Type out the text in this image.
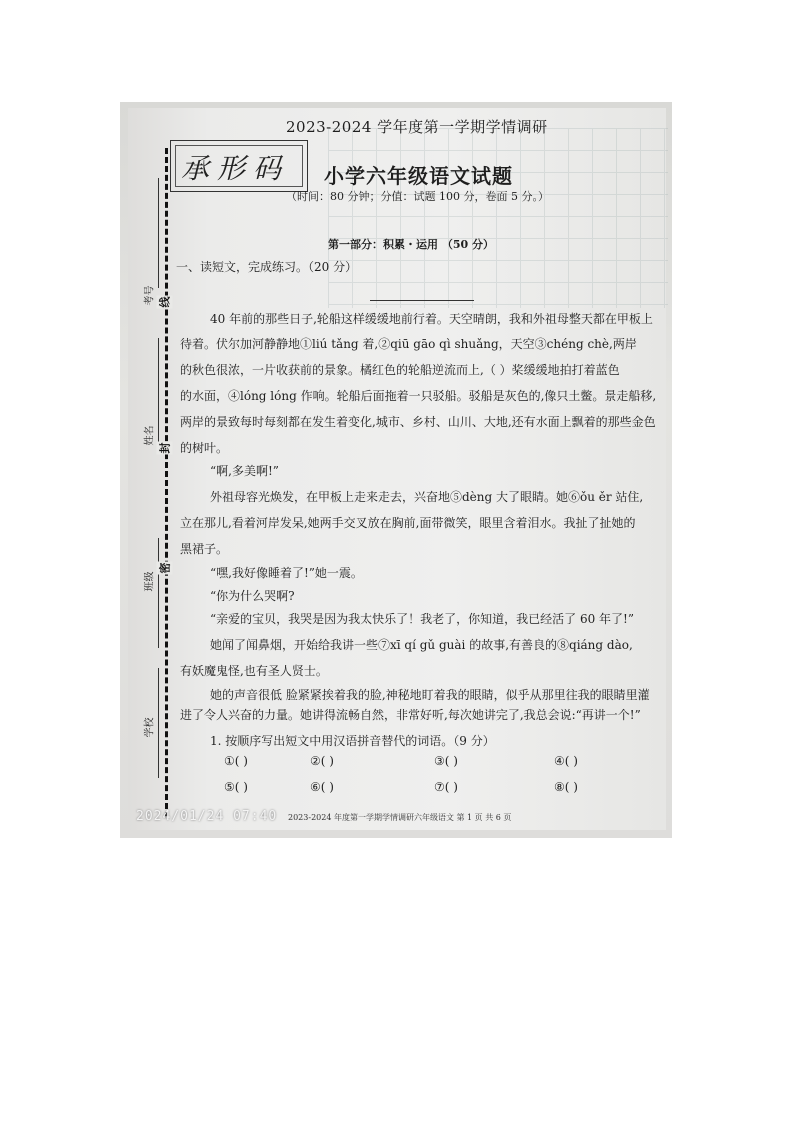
考号
姓名
班级
学校
线
封
密
承形码
2023-2024 学年度第一学期学情调研
小学六年级语文试题
（时间：80 分钟；分值：试题 100 分，卷面 5 分。）
第一部分：积累・运用 （50 分）
一、读短文，完成练习。（20 分）
40 年前的那些日子,轮船这样缓缓地前行着。天空晴朗，我和外祖母整天都在甲板上
待着。伏尔加河静静地①liú tǎng 着,②qiū gāo qì shuǎng，天空③chéng chè,两岸
的秋色很浓，一片收获前的景象。橘红色的轮船逆流而上,（ ）桨缓缓地拍打着蓝色
的水面，④lóng lóng 作响。轮船后面拖着一只驳船。驳船是灰色的,像只土鳖。景走船移,
两岸的景致每时每刻都在发生着变化,城市、乡村、山川、大地,还有水面上飘着的那些金色
的树叶。
“啊,多美啊!”
外祖母容光焕发，在甲板上走来走去，兴奋地⑤dèng 大了眼睛。她⑥ǒu ěr 站住,
立在那儿,看着河岸发呆,她两手交叉放在胸前,面带微笑，眼里含着泪水。我扯了扯她的
黑裙子。
“嘿,我好像睡着了!”她一震。
“你为什么哭啊?
“亲爱的宝贝，我哭是因为我太快乐了！我老了，你知道，我已经活了 60 年了!”
她闻了闻鼻烟，开始给我讲一些⑦xī qí gǔ guài 的故事,有善良的⑧qiáng dào,
有妖魔鬼怪,也有圣人贤士。
她的声音很低 脸紧紧挨着我的脸,神秘地盯着我的眼睛，似乎从那里往我的眼睛里灌
进了令人兴奋的力量。她讲得流畅自然，非常好听,每次她讲完了,我总会说:“再讲一个!”
1. 按顺序写出短文中用汉语拼音替代的词语。（9 分）
①( )	②( )	③( )	④( )
⑤( )	⑥( )	⑦( )	⑧( )
2023-2024 年度第一学期学情调研六年级语文 第 1 页 共 6 页
2024/01/24 07:40
